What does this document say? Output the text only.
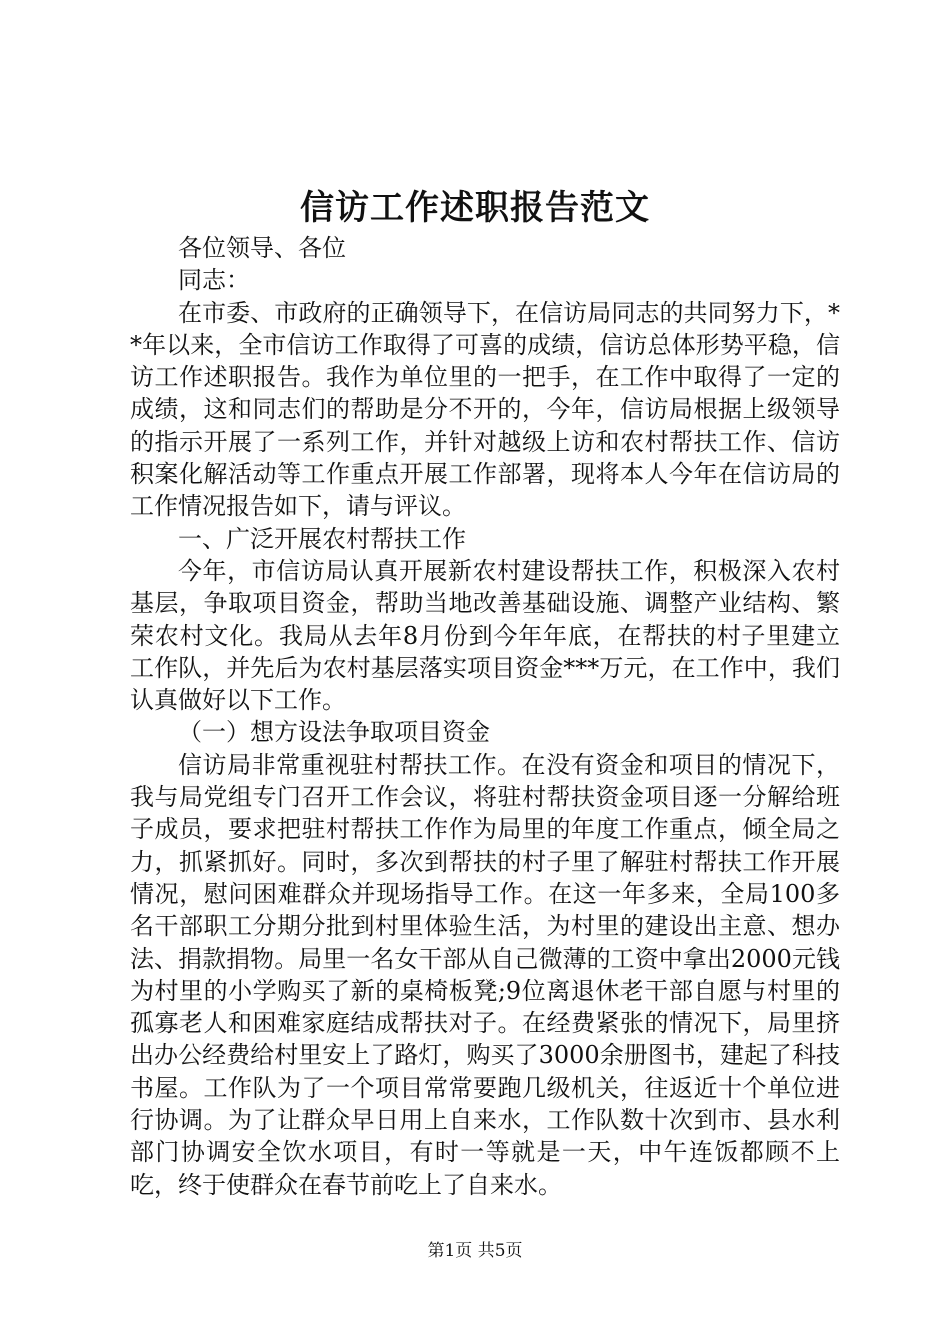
信访工作述职报告范文

各位领导、各位

同志：

在市委、市政府的正确领导下，在信访局同志的共同努力下，**年以来，全市信访工作取得了可喜的成绩，信访总体形势平稳，信访工作述职报告。我作为单位里的一把手，在工作中取得了一定的成绩，这和同志们的帮助是分不开的，今年，信访局根据上级领导的指示开展了一系列工作，并针对越级上访和农村帮扶工作、信访积案化解活动等工作重点开展工作部署，现将本人今年在信访局的工作情况报告如下，请与评议。

一、广泛开展农村帮扶工作

今年，市信访局认真开展新农村建设帮扶工作，积极深入农村基层，争取项目资金，帮助当地改善基础设施、调整产业结构、繁荣农村文化。我局从去年8月份到今年年底，在帮扶的村子里建立工作队，并先后为农村基层落实项目资金***万元，在工作中，我们认真做好以下工作。

（一）想方设法争取项目资金

信访局非常重视驻村帮扶工作。在没有资金和项目的情况下，我与局党组专门召开工作会议，将驻村帮扶资金项目逐一分解给班子成员，要求把驻村帮扶工作作为局里的年度工作重点，倾全局之力，抓紧抓好。同时，多次到帮扶的村子里了解驻村帮扶工作开展情况，慰问困难群众并现场指导工作。在这一年多来，全局100多名干部职工分期分批到村里体验生活，为村里的建设出主意、想办法、捐款捐物。局里一名女干部从自己微薄的工资中拿出2000元钱为村里的小学购买了新的桌椅板凳;9位离退休老干部自愿与村里的孤寡老人和困难家庭结成帮扶对子。在经费紧张的情况下，局里挤出办公经费给村里安上了路灯，购买了3000余册图书，建起了科技书屋。工作队为了一个项目常常要跑几级机关，往返近十个单位进行协调。为了让群众早日用上自来水，工作队数十次到市、县水利部门协调安全饮水项目，有时一等就是一天，中午连饭都顾不上吃，终于使群众在春节前吃上了自来水。

第1页 共5页
